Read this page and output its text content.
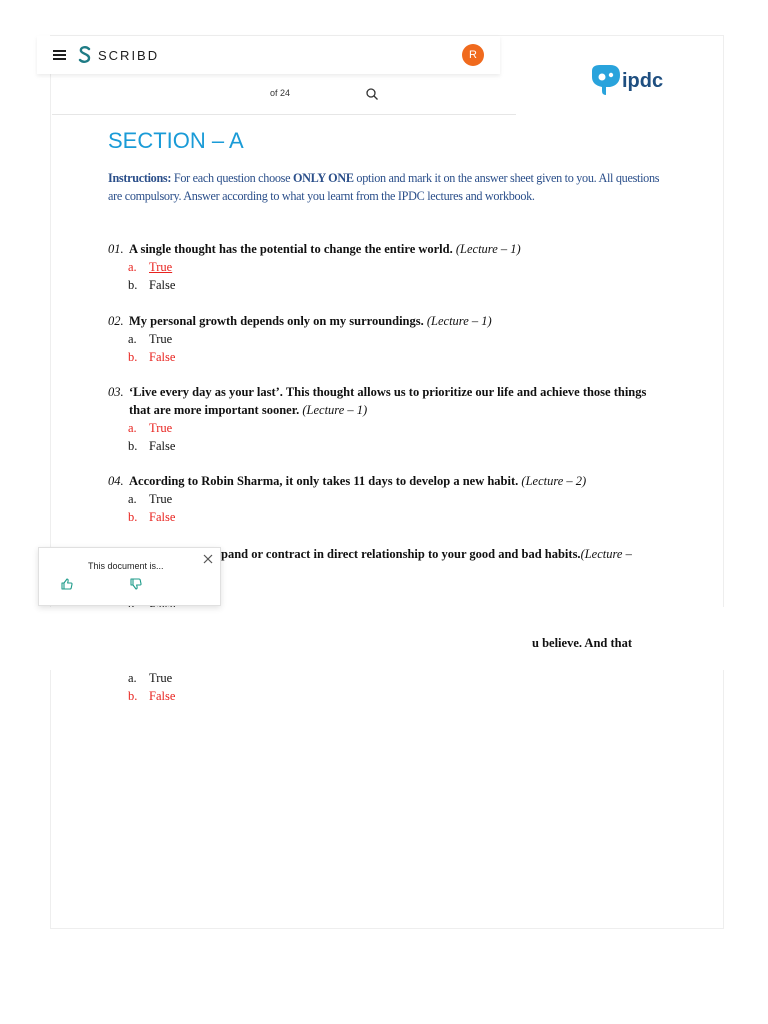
SCRIBD	R
of 24
ipdc
SECTION – A

Instructions: For each question choose ONLY ONE option and mark it on the answer sheet given to you. All questions are compulsory. Answer according to what you learnt from the IPDC lectures and workbook.

01. A single thought has the potential to change the entire world. (Lecture – 1)
a. True
b. False
02. My personal growth depends only on my surroundings. (Lecture – 1)
a. True
b. False
03. ‘Live every day as your last’. This thought allows us to prioritize our life and achieve those things that are more important sooner. (Lecture – 1)
a. True
b. False
04. According to Robin Sharma, it only takes 11 days to develop a new habit. (Lecture – 2)
a. True
b. False
pand or contract in direct relationship to your good and bad habits.(Lecture –
u believe. And that
a. True
b. False
This document is...
